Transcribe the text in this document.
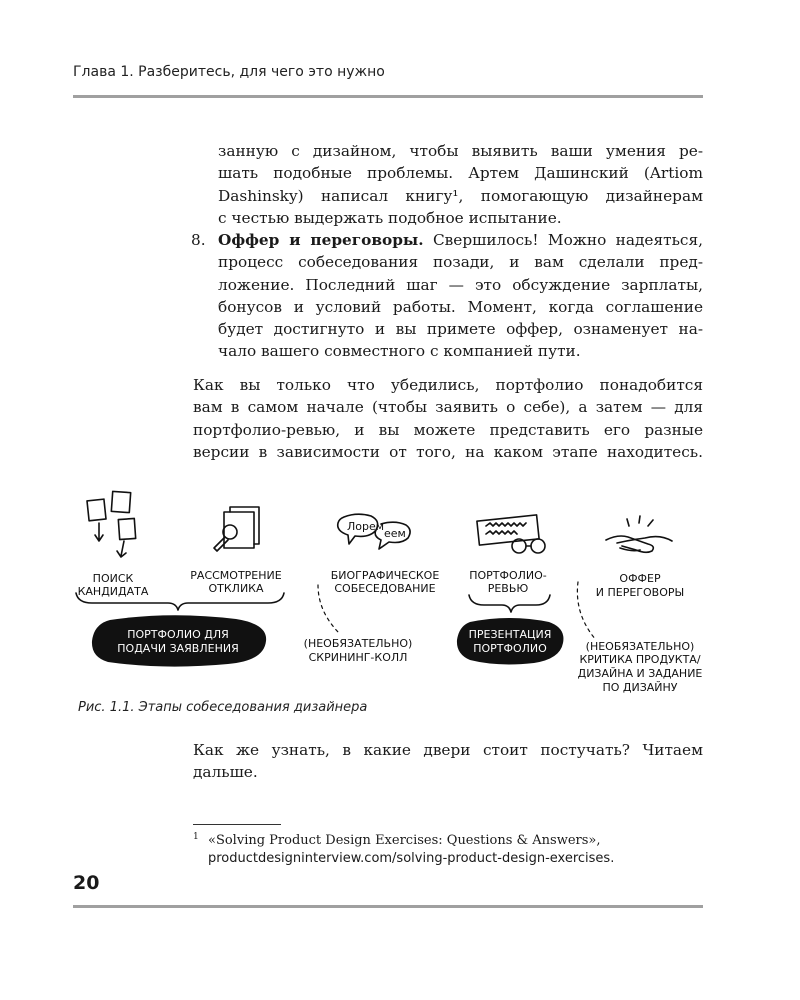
Глава 1. Разберитесь, для чего это нужно
занную с дизайном, чтобы выявить ваши умения ре-
шать подобные проблемы. Артем Дашинский (Artiom
Dashinsky) написал книгу¹, помогающую дизайнерам
с честью выдержать подобное испытание.
8. Оффер и переговоры. Свершилось! Можно надеяться,
процесс собеседования позади, и вам сделали пред-
ложение. Последний шаг — это обсуждение зарплаты,
бонусов и условий работы. Момент, когда соглашение
будет достигнуто и вы примете оффер, ознаменует на-
чало вашего совместного с компанией пути.
Как вы только что убедились, портфолио понадобится
вам в самом начале (чтобы заявить о себе), а затем — для
портфолио-ревью, и вы можете представить его разные
версии в зависимости от того, на каком этапе находитесь.
Лорем
еем
ПОИСК
КАНДИДАТА
РАССМОТРЕНИЕ
ОТКЛИКА
БИОГРАФИЧЕСКОЕ
СОБЕСЕДОВАНИЕ
ПОРТФОЛИО-
РЕВЬЮ
ОФФЕР
И ПЕРЕГОВОРЫ
ПОРТФОЛИО ДЛЯ
ПОДАЧИ ЗАЯВЛЕНИЯ
ПРЕЗЕНТАЦИЯ
ПОРТФОЛИО
(НЕОБЯЗАТЕЛЬНО)
СКРИНИНГ-КОЛЛ
(НЕОБЯЗАТЕЛЬНО)
КРИТИКА ПРОДУКТА/
ДИЗАЙНА И ЗАДАНИЕ
ПО ДИЗАЙНУ
Рис. 1.1. Этапы собеседования дизайнера
Как же узнать, в какие двери стоит постучать? Читаем
дальше.
1 «Solving Product Design Exercises: Questions & Answers»,
productdesigninterview.com/solving-product-design-exercises.
20
